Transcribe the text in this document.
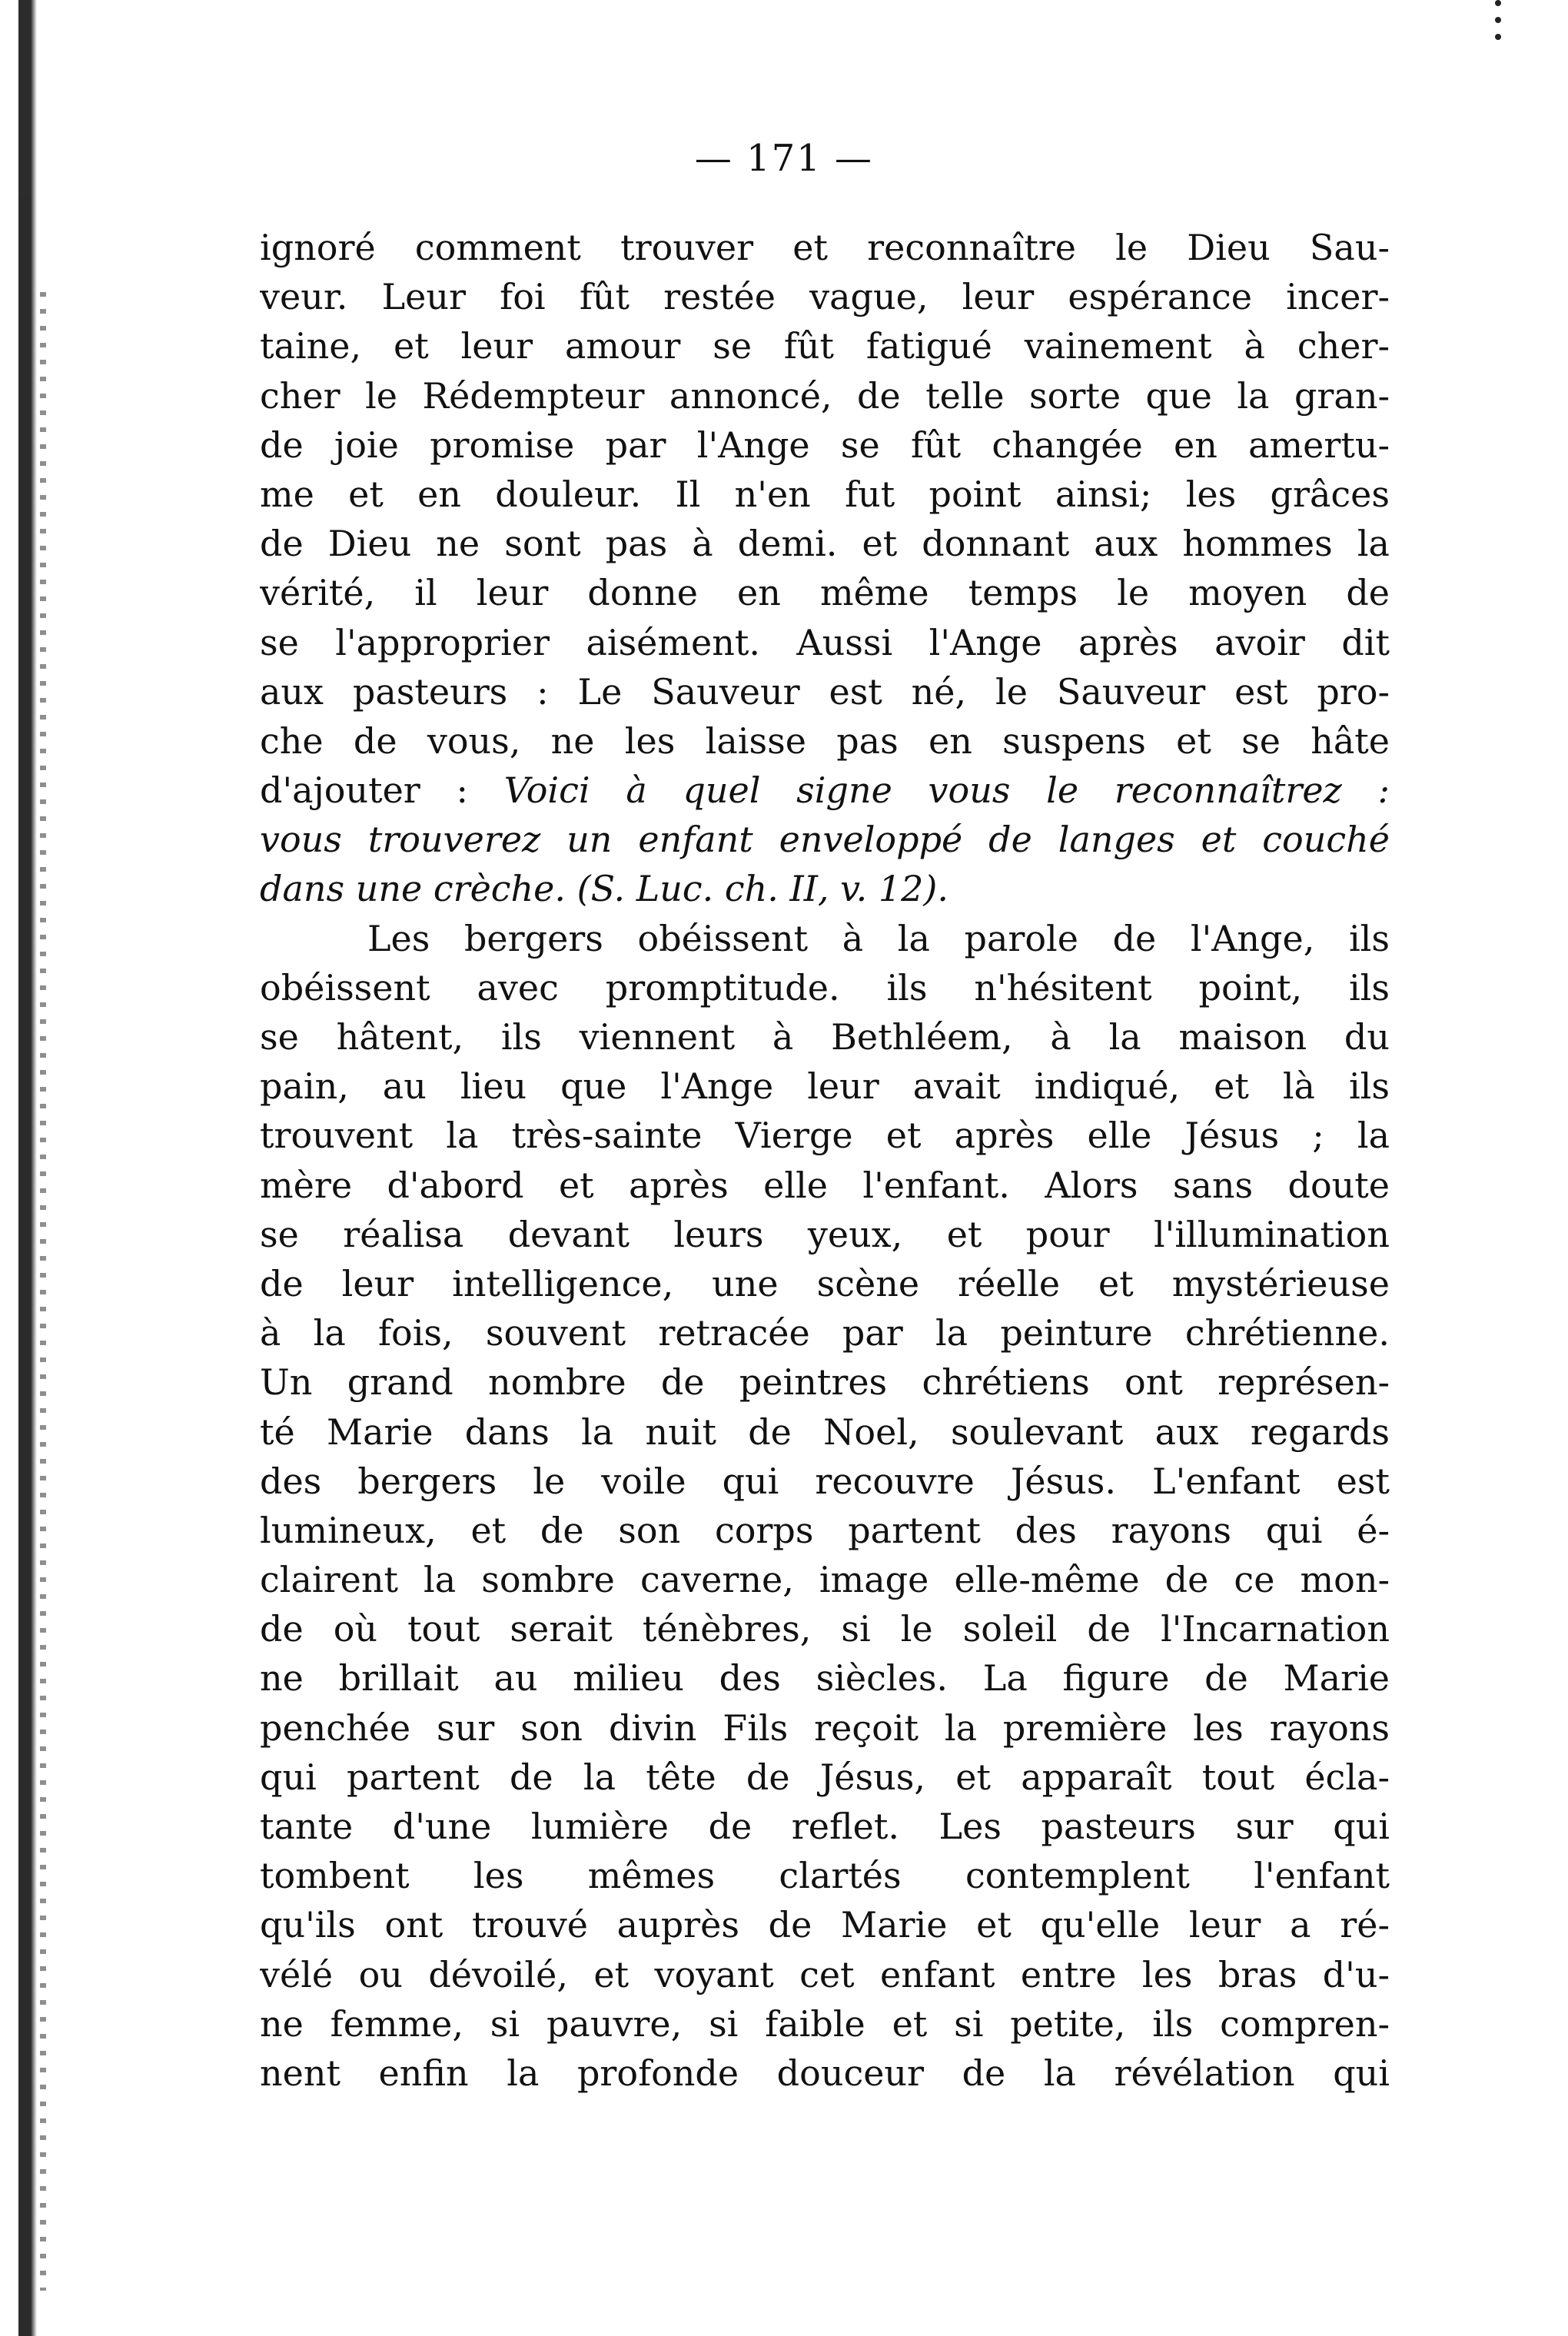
— 171 —
ignoré comment trouver et reconnaître le Dieu Sau-
veur. Leur foi fût restée vague, leur espérance incer-
taine, et leur amour se fût fatigué vainement à cher-
cher le Rédempteur annoncé, de telle sorte que la gran-
de joie promise par l'Ange se fût changée en amertu-
me et en douleur. Il n'en fut point ainsi; les grâces
de Dieu ne sont pas à demi. et donnant aux hommes la
vérité, il leur donne en même temps le moyen de
se l'approprier aisément. Aussi l'Ange après avoir dit
aux pasteurs : Le Sauveur est né, le Sauveur est pro-
che de vous, ne les laisse pas en suspens et se hâte
d'ajouter : Voici à quel signe vous le reconnaîtrez :
vous trouverez un enfant enveloppé de langes et couché
dans une crèche. (S. Luc. ch. II, v. 12).
Les bergers obéissent à la parole de l'Ange, ils
obéissent avec promptitude. ils n'hésitent point, ils
se hâtent, ils viennent à Bethléem, à la maison du
pain, au lieu que l'Ange leur avait indiqué, et là ils
trouvent la très-sainte Vierge et après elle Jésus ; la
mère d'abord et après elle l'enfant. Alors sans doute
se réalisa devant leurs yeux, et pour l'illumination
de leur intelligence, une scène réelle et mystérieuse
à la fois, souvent retracée par la peinture chrétienne.
Un grand nombre de peintres chrétiens ont représen-
té Marie dans la nuit de Noel, soulevant aux regards
des bergers le voile qui recouvre Jésus. L'enfant est
lumineux, et de son corps partent des rayons qui é-
clairent la sombre caverne, image elle-même de ce mon-
de où tout serait ténèbres, si le soleil de l'Incarnation
ne brillait au milieu des siècles. La figure de Marie
penchée sur son divin Fils reçoit la première les rayons
qui partent de la tête de Jésus, et apparaît tout écla-
tante d'une lumière de reflet. Les pasteurs sur qui
tombent les mêmes clartés contemplent l'enfant
qu'ils ont trouvé auprès de Marie et qu'elle leur a ré-
vélé ou dévoilé, et voyant cet enfant entre les bras d'u-
ne femme, si pauvre, si faible et si petite, ils compren-
nent enfin la profonde douceur de la révélation qui
